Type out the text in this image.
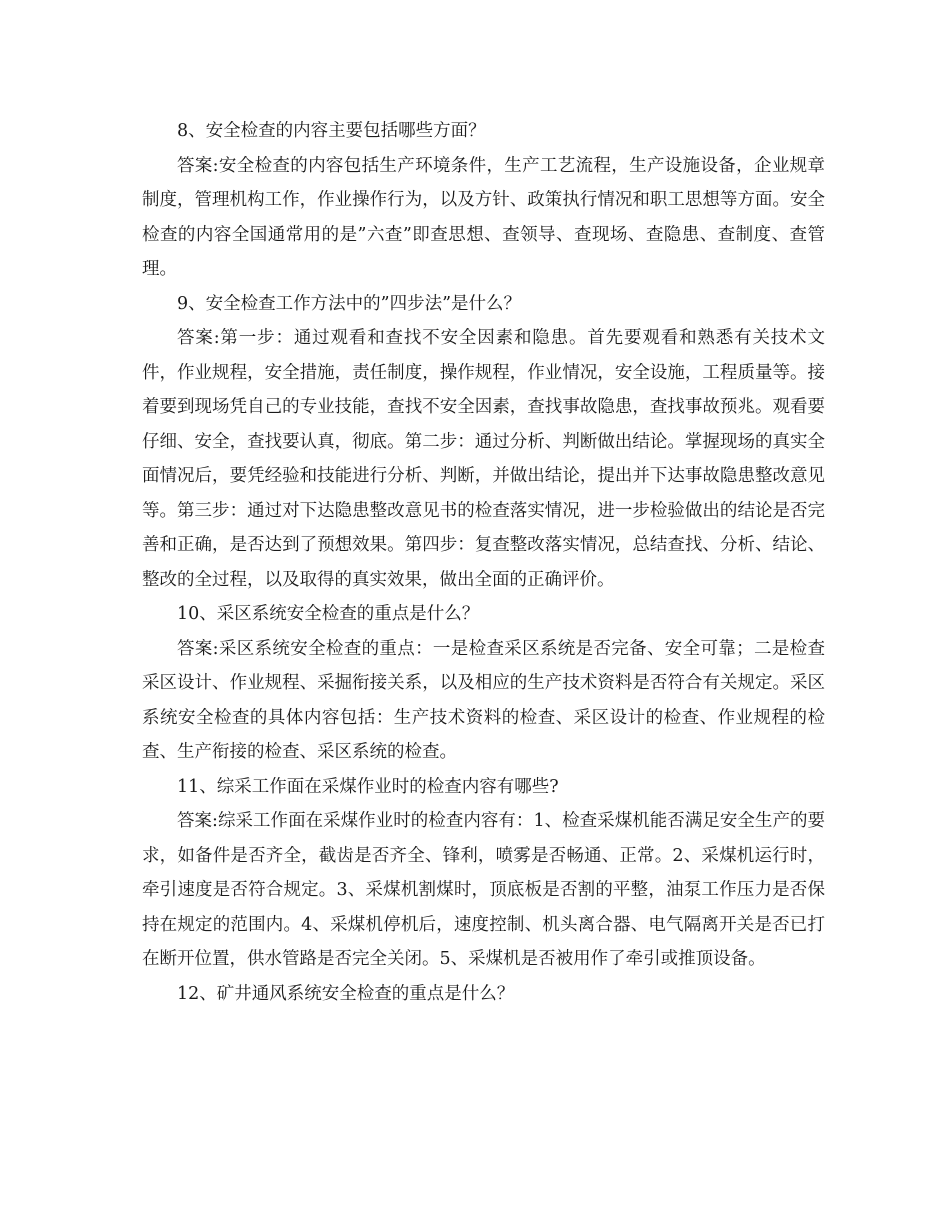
8、安全检查的内容主要包括哪些方面？

答案:安全检查的内容包括生产环境条件，生产工艺流程，生产设施设备，企业规章制度，管理机构工作，作业操作行为，以及方针、政策执行情况和职工思想等方面。安全检查的内容全国通常用的是”六查”即查思想、查领导、查现场、查隐患、查制度、查管理。

9、安全检查工作方法中的”四步法”是什么？

答案:第一步：通过观看和查找不安全因素和隐患。首先要观看和熟悉有关技术文件，作业规程，安全措施，责任制度，操作规程，作业情况，安全设施，工程质量等。接着要到现场凭自己的专业技能，查找不安全因素，查找事故隐患，查找事故预兆。观看要仔细、安全，查找要认真，彻底。第二步：通过分析、判断做出结论。掌握现场的真实全面情况后，要凭经验和技能进行分析、判断，并做出结论，提出并下达事故隐患整改意见等。第三步：通过对下达隐患整改意见书的检查落实情况，进一步检验做出的结论是否完善和正确，是否达到了预想效果。第四步：复查整改落实情况，总结查找、分析、结论、整改的全过程，以及取得的真实效果，做出全面的正确评价。

10、采区系统安全检查的重点是什么？

答案:采区系统安全检查的重点：一是检查采区系统是否完备、安全可靠；二是检查采区设计、作业规程、采掘衔接关系，以及相应的生产技术资料是否符合有关规定。采区系统安全检查的具体内容包括：生产技术资料的检查、采区设计的检查、作业规程的检查、生产衔接的检查、采区系统的检查。

11、综采工作面在采煤作业时的检查内容有哪些?

答案:综采工作面在采煤作业时的检查内容有：1、检查采煤机能否满足安全生产的要求，如备件是否齐全，截齿是否齐全、锋利，喷雾是否畅通、正常。2、采煤机运行时，牵引速度是否符合规定。3、采煤机割煤时，顶底板是否割的平整，油泵工作压力是否保持在规定的范围内。4、采煤机停机后，速度控制、机头离合器、电气隔离开关是否已打在断开位置，供水管路是否完全关闭。5、采煤机是否被用作了牵引或推顶设备。

12、矿井通风系统安全检查的重点是什么？
